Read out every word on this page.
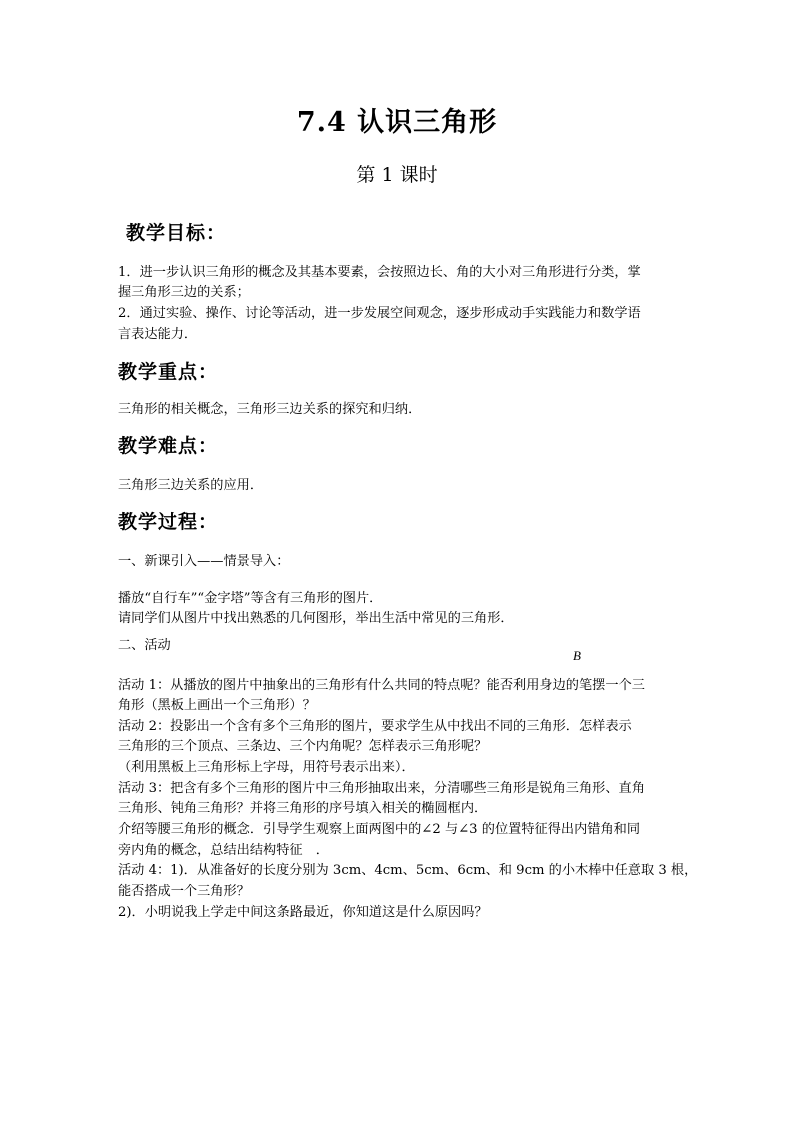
7.4 认识三角形
第 1 课时
教学目标：
1．进一步认识三角形的概念及其基本要素，会按照边长、角的大小对三角形进行分类，掌
握三角形三边的关系；
2．通过实验、操作、讨论等活动，进一步发展空间观念，逐步形成动手实践能力和数学语
言表达能力．
教学重点：
三角形的相关概念，三角形三边关系的探究和归纳．
教学难点：
三角形三边关系的应用．
教学过程：
一、新课引入——情景导入：
播放“自行车”“金字塔”等含有三角形的图片．
请同学们从图片中找出熟悉的几何图形，举出生活中常见的三角形．
二、活动
B
活动 1：从播放的图片中抽象出的三角形有什么共同的特点呢？能否利用身边的笔摆一个三
角形（黑板上画出一个三角形）？
活动 2：投影出一个含有多个三角形的图片，要求学生从中找出不同的三角形．怎样表示
三角形的三个顶点、三条边、三个内角呢？怎样表示三角形呢？
（利用黑板上三角形标上字母，用符号表示出来）．
活动 3：把含有多个三角形的图片中三角形抽取出来，分清哪些三角形是锐角三角形、直角
三角形、钝角三角形？并将三角形的序号填入相关的椭圆框内．
介绍等腰三角形的概念．引导学生观察上面两图中的∠2 与∠3 的位置特征得出内错角和同
旁内角的概念，总结出结构特征　．
活动 4：1)．从准备好的长度分别为 3cm、4cm、5cm、6cm、和 9cm 的小木棒中任意取 3 根，
能否搭成一个三角形？
2)．小明说我上学走中间这条路最近，你知道这是什么原因吗？
